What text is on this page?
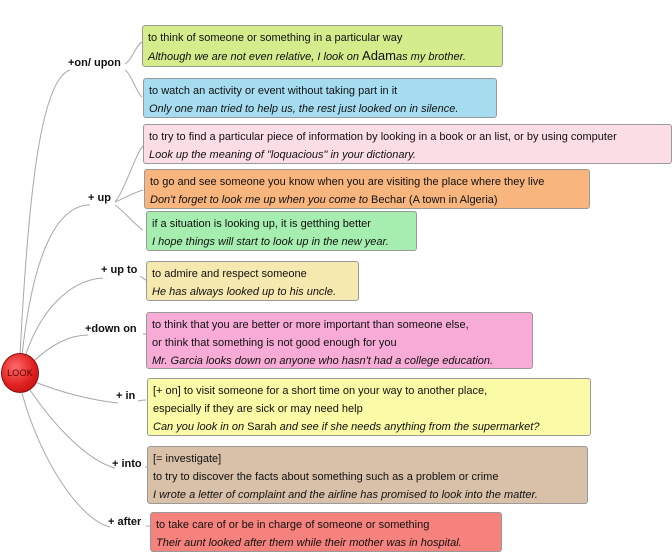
LOOK
+on/ upon
+ up
+ up to
+down on
+ in
+ into
+ after
to think of someone or something in a particular way
Although we are not even relative, I look on Adamas my brother.
to watch an activity or event without taking part in it
Only one man tried to help us, the rest just looked on in silence.
to try to find a particular piece of information by looking in a book or an list, or by using computer
Look up the meaning of "loquacious" in your dictionary.
to go and see someone you know when you are visiting the place where they live
Don't forget to look me up when you come to Bechar (A town in Algeria)
if a situation is looking up, it is getthing better
I hope things will start to look up in the new year.
to admire and respect someone
He has always looked up to his uncle.
to think that you are better or more important than someone else,
or think that something is not good enough for you
Mr. Garcia looks down on anyone who hasn't had a college education.
[+ on] to visit someone for a short time on your way to another place,
especially if they are sick or may need help
Can you look in on Sarah and see if she needs anything from the supermarket?
[= investigate]
to try to discover the facts about something such as a problem or crime
I wrote a letter of complaint and the airline has promised to look into the matter.
to take care of or be in charge of someone or something
Their aunt looked after them while their mother was in hospital.
